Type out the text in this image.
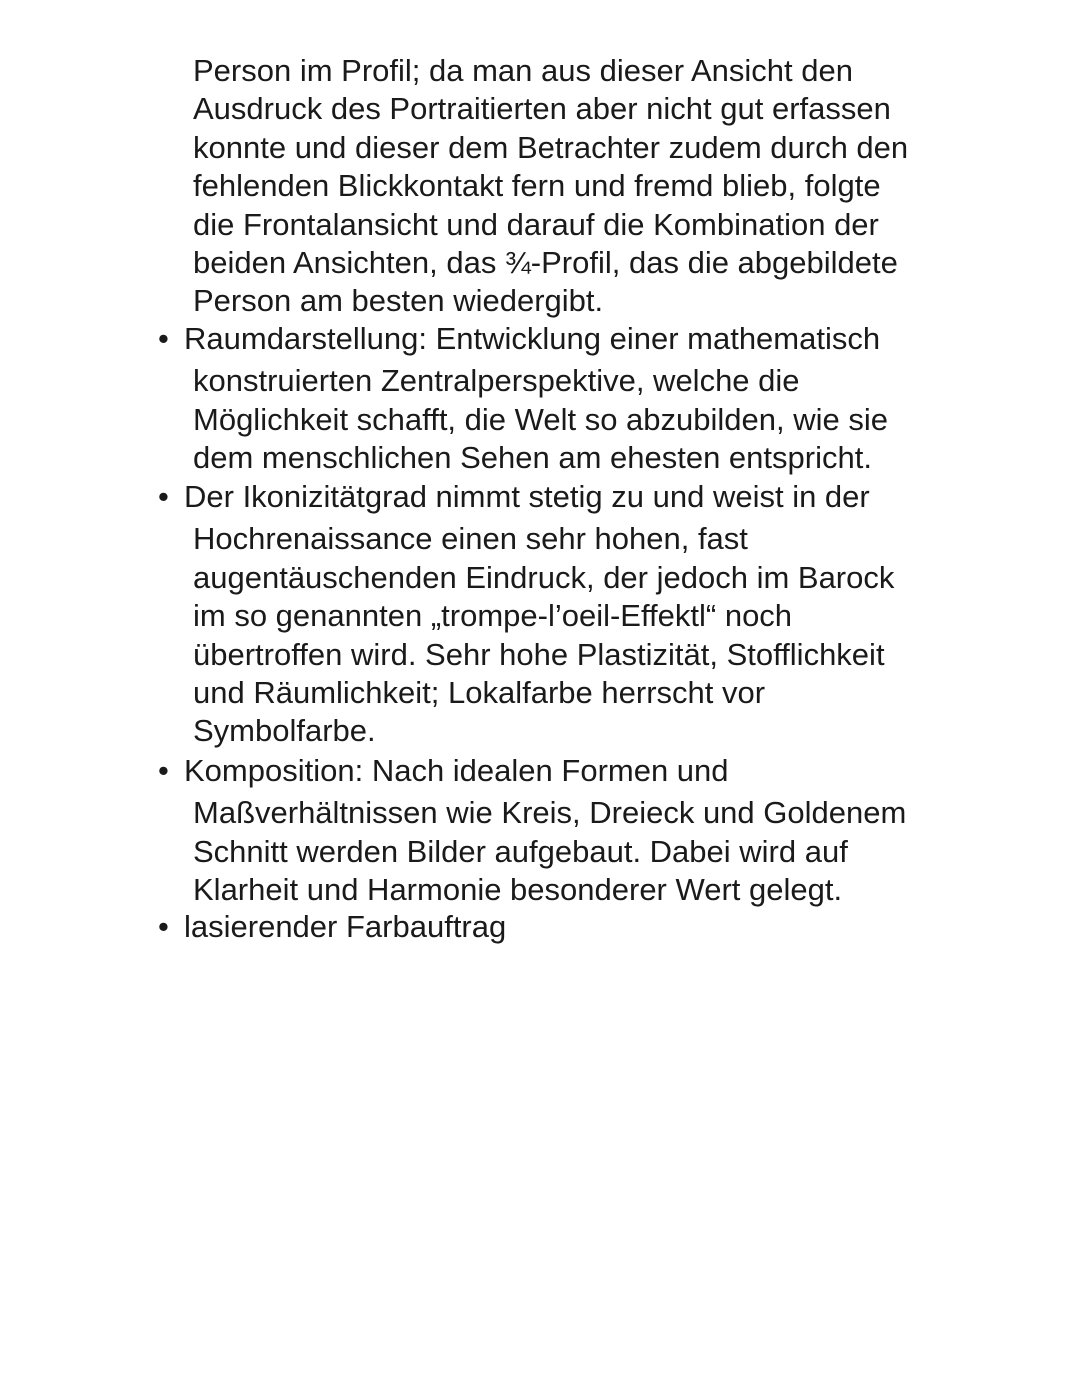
Person im Profil; da man aus dieser Ansicht den
Ausdruck des Portraitierten aber nicht gut erfassen
konnte und dieser dem Betrachter zudem durch den
fehlenden Blickkontakt fern und fremd blieb, folgte
die Frontalansicht und darauf die Kombination der
beiden Ansichten, das ¾-Profil, das die abgebildete
Person am besten wiedergibt.
• Raumdarstellung: Entwicklung einer mathematisch
konstruierten Zentralperspektive, welche die
Möglichkeit schafft, die Welt so abzubilden, wie sie
dem menschlichen Sehen am ehesten entspricht.
• Der Ikonizitätgrad nimmt stetig zu und weist in der
Hochrenaissance einen sehr hohen, fast
augentäuschenden Eindruck, der jedoch im Barock
im so genannten „trompe-l’oeil-Effektl“ noch
übertroffen wird. Sehr hohe Plastizität, Stofflichkeit
und Räumlichkeit; Lokalfarbe herrscht vor
Symbolfarbe.
• Komposition: Nach idealen Formen und
Maßverhältnissen wie Kreis, Dreieck und Goldenem
Schnitt werden Bilder aufgebaut. Dabei wird auf
Klarheit und Harmonie besonderer Wert gelegt.
• lasierender Farbauftrag
